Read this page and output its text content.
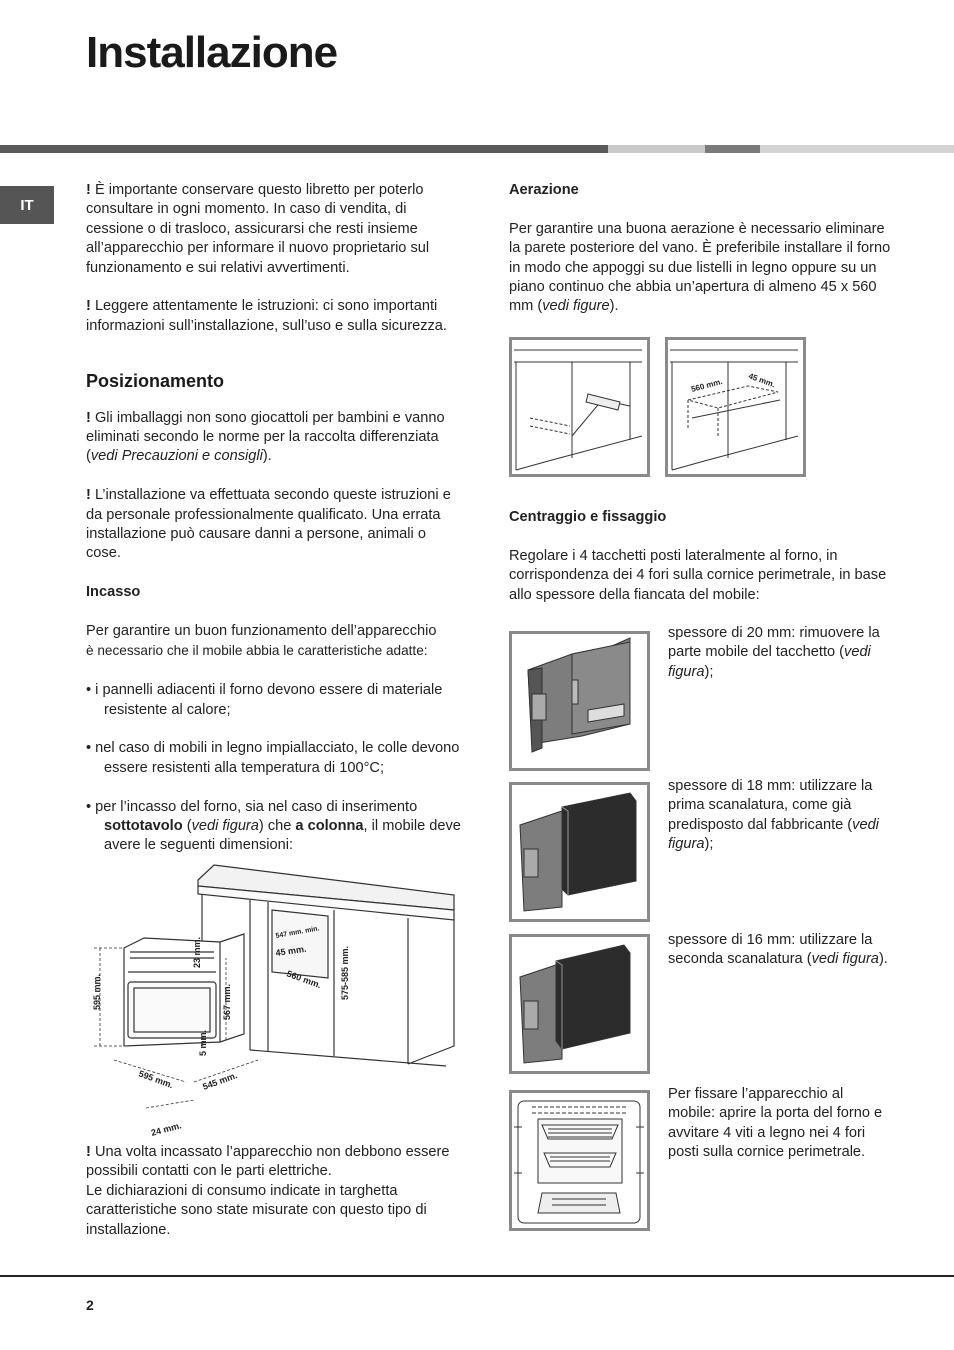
Installazione
IT

! È importante conservare questo libretto per poterlo consultare in ogni momento. In caso di vendita, di cessione o di trasloco, assicurarsi che resti insieme all’apparecchio per informare il nuovo proprietario sul funzionamento e sui relativi avvertimenti.

! Leggere attentamente le istruzioni: ci sono importanti informazioni sull’installazione, sull’uso e sulla sicurezza.

Posizionamento

! Gli imballaggi non sono giocattoli per bambini e vanno eliminati secondo le norme per la raccolta differenziata (vedi Precauzioni e consigli).

! L’installazione va effettuata secondo queste istruzioni e da personale professionalmente qualificato. Una errata installazione può causare danni a persone, animali o cose.

Incasso

Per garantire un buon funzionamento dell’apparecchio
è necessario che il mobile abbia le caratteristiche adatte:

• i pannelli adiacenti il forno devono essere di materiale resistente al calore;

• nel caso di mobili in legno impiallacciato, le colle devono essere resistenti alla temperatura di 100°C;

• per l’incasso del forno, sia nel caso di inserimento sottotavolo (vedi figura) che a colonna, il mobile deve avere le seguenti dimensioni:

595 mm.
23 mm.
567 mm.
5 mm.
595 mm.	545 mm.
24 mm.
547 mm. min.
45 mm.
560 mm. 575-585 mm.

! Una volta incassato l’apparecchio non debbono essere possibili contatti con le parti elettriche.

Le dichiarazioni di consumo indicate in targhetta caratteristiche sono state misurate con questo tipo di installazione.

Aerazione

Per garantire una buona aerazione è necessario eliminare la parete posteriore del vano. È preferibile installare il forno in modo che appoggi su due listelli in legno oppure su un piano continuo che abbia un’apertura di almeno 45 x 560 mm (vedi figure).

560 mm.	45 mm.

Centraggio e fissaggio

Regolare i 4 tacchetti posti lateralmente al forno, in corrispondenza dei 4 fori sulla cornice perimetrale, in base allo spessore della fiancata del mobile:

spessore di 20 mm: rimuovere la parte mobile del tacchetto (vedi figura);

spessore di 18 mm: utilizzare la prima scanalatura, come già predisposto dal fabbricante (vedi figura);

spessore di 16 mm: utilizzare la seconda scanalatura (vedi figura).

Per fissare l’apparecchio al mobile: aprire la porta del forno e avvitare 4 viti a legno nei 4 fori posti sulla cornice perimetrale.

2
